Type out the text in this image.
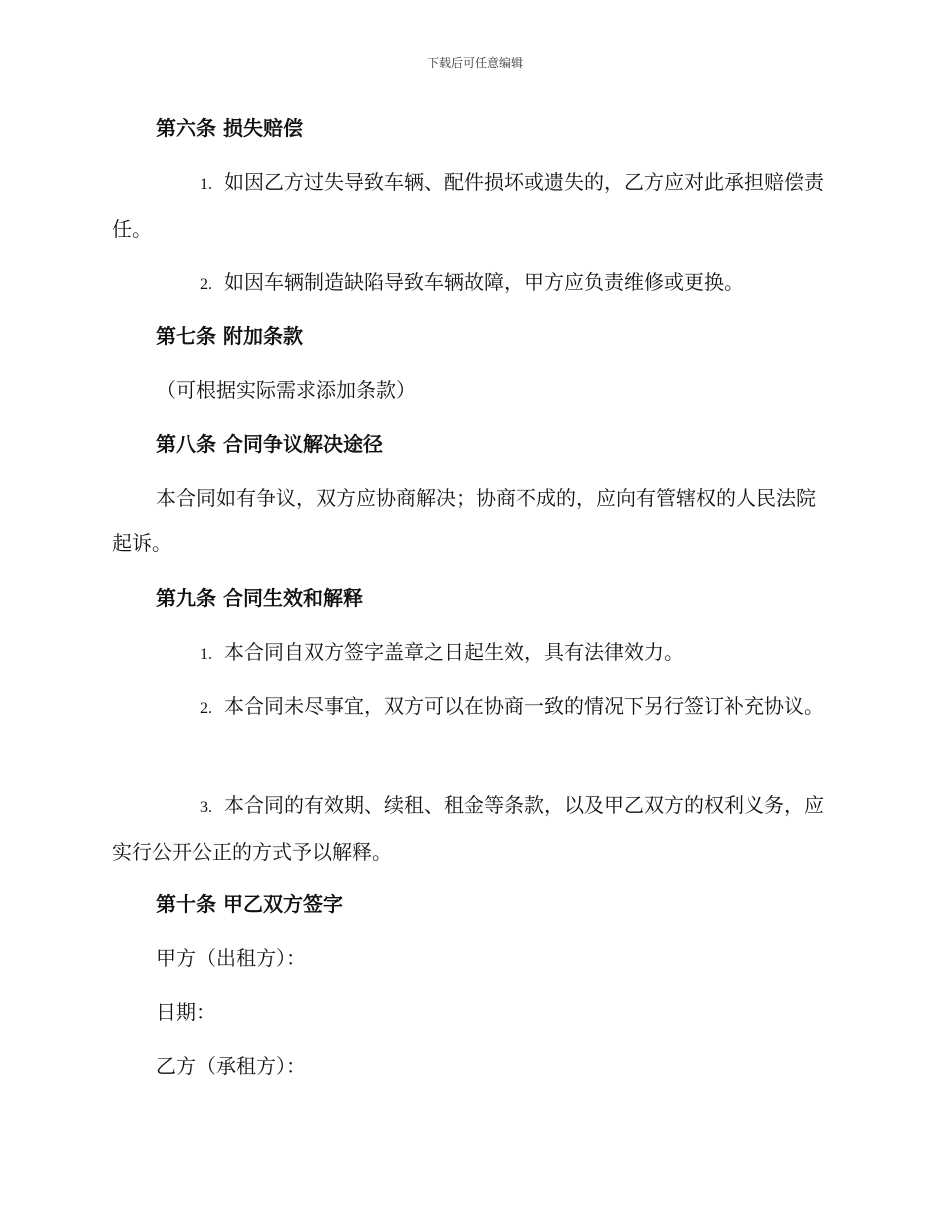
下载后可任意编辑
第六条 损失赔偿
1. 如因乙方过失导致车辆、配件损坏或遗失的，乙方应对此承担赔偿责任。
2. 如因车辆制造缺陷导致车辆故障，甲方应负责维修或更换。
第七条 附加条款
（可根据实际需求添加条款）
第八条 合同争议解决途径
本合同如有争议，双方应协商解决；协商不成的，应向有管辖权的人民法院起诉。
第九条 合同生效和解释
1. 本合同自双方签字盖章之日起生效，具有法律效力。
2. 本合同未尽事宜，双方可以在协商一致的情况下另行签订补充协议。
3. 本合同的有效期、续租、租金等条款，以及甲乙双方的权利义务，应实行公开公正的方式予以解释。
第十条 甲乙双方签字
甲方（出租方）：
日期：
乙方（承租方）：
